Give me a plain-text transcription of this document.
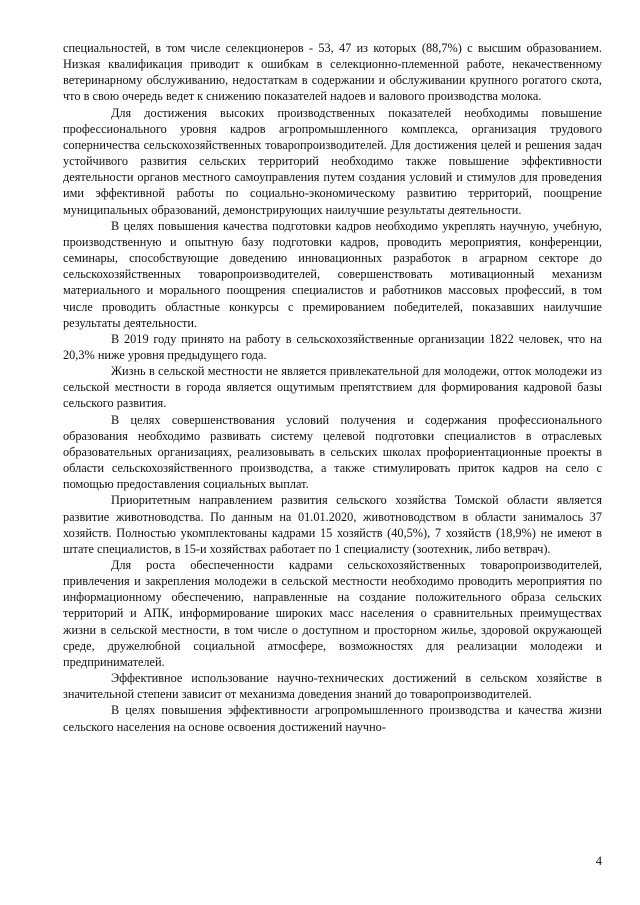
специальностей, в том числе селекционеров - 53, 47 из которых (88,7%) с высшим образованием. Низкая квалификация приводит к ошибкам в селекционно-племенной работе, некачественному ветеринарному обслуживанию, недостаткам в содержании и обслуживании крупного рогатого скота, что в свою очередь ведет к снижению показателей надоев и валового производства молока.

Для достижения высоких производственных показателей необходимы повышение профессионального уровня кадров агропромышленного комплекса, организация трудового соперничества сельскохозяйственных товаропроизводителей. Для достижения целей и решения задач устойчивого развития сельских территорий необходимо также повышение эффективности деятельности органов местного самоуправления путем создания условий и стимулов для проведения ими эффективной работы по социально-экономическому развитию территорий, поощрение муниципальных образований, демонстрирующих наилучшие результаты деятельности.

В целях повышения качества подготовки кадров необходимо укреплять научную, учебную, производственную и опытную базу подготовки кадров, проводить мероприятия, конференции, семинары, способствующие доведению инновационных разработок в аграрном секторе до сельскохозяйственных товаропроизводителей, совершенствовать мотивационный механизм материального и морального поощрения специалистов и работников массовых профессий, в том числе проводить областные конкурсы с премированием победителей, показавших наилучшие результаты деятельности.

В 2019 году принято на работу в сельскохозяйственные организации 1822 человек, что на 20,3% ниже уровня предыдущего года.

Жизнь в сельской местности не является привлекательной для молодежи, отток молодежи из сельской местности в города является ощутимым препятствием для формирования кадровой базы сельского развития.

В целях совершенствования условий получения и содержания профессионального образования необходимо развивать систему целевой подготовки специалистов в отраслевых образовательных организациях, реализовывать в сельских школах профориентационные проекты в области сельскохозяйственного производства, а также стимулировать приток кадров на село с помощью предоставления социальных выплат.

Приоритетным направлением развития сельского хозяйства Томской области является развитие животноводства. По данным на 01.01.2020, животноводством в области занималось 37 хозяйств. Полностью укомплектованы кадрами 15 хозяйств (40,5%), 7 хозяйств (18,9%) не имеют в штате специалистов, в 15-и хозяйствах работает по 1 специалисту (зоотехник, либо ветврач).

Для роста обеспеченности кадрами сельскохозяйственных товаропроизводителей, привлечения и закрепления молодежи в сельской местности необходимо проводить мероприятия по информационному обеспечению, направленные на создание положительного образа сельских территорий и АПК, информирование широких масс населения о сравнительных преимуществах жизни в сельской местности, в том числе о доступном и просторном жилье, здоровой окружающей среде, дружелюбной социальной атмосфере, возможностях для реализации молодежи и предпринимателей.

Эффективное использование научно-технических достижений в сельском хозяйстве в значительной степени зависит от механизма доведения знаний до товаропроизводителей.

В целях повышения эффективности агропромышленного производства и качества жизни сельского населения на основе освоения достижений научно-

4
